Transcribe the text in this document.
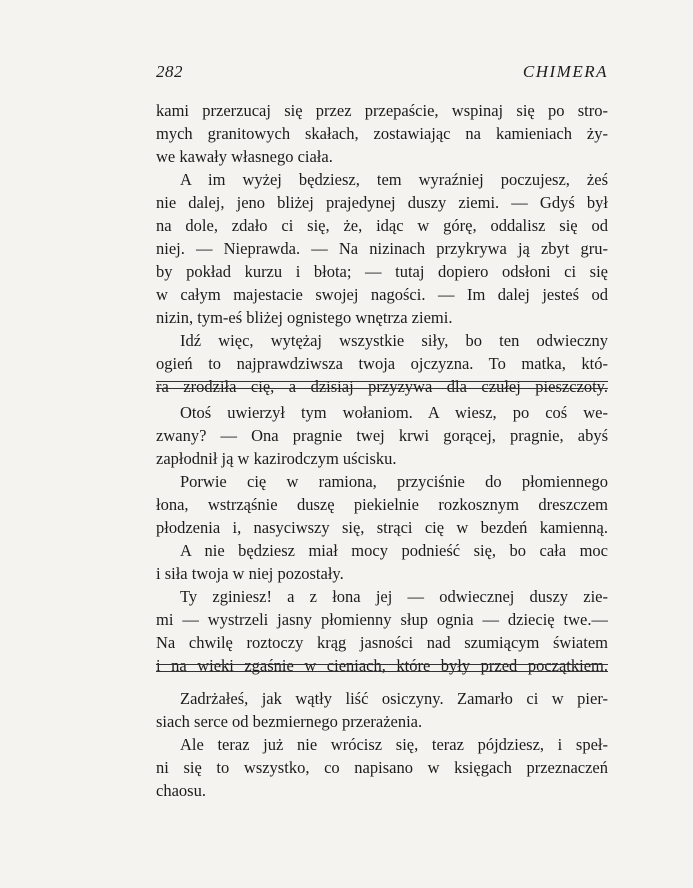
282	CHIMERA
kami przerzucaj się przez przepaście, wspinaj się po stro-
mych granitowych skałach, zostawiając na kamieniach ży-
we kawały własnego ciała.
A im wyżej będziesz, tem wyraźniej poczujesz, żeś
nie dalej, jeno bliżej prajedynej duszy ziemi. — Gdyś był
na dole, zdało ci się, że, idąc w górę, oddalisz się od
niej. — Nieprawda. — Na nizinach przykrywa ją zbyt gru-
by pokład kurzu i błota; — tutaj dopiero odsłoni ci się
w całym majestacie swojej nagości. — Im dalej jesteś od
nizin, tym-eś bliżej ognistego wnętrza ziemi.
Idź więc, wytężaj wszystkie siły, bo ten odwieczny
ogień to najprawdziwsza twoja ojczyzna. To matka, któ-
ra zrodziła cię, a dzisiaj przyzywa dla czułej pieszczoty.
Otoś uwierzył tym wołaniom. A wiesz, po coś we-
zwany? — Ona pragnie twej krwi gorącej, pragnie, abyś
zapłodnił ją w kazirodczym uścisku.
Porwie cię w ramiona, przyciśnie do płomiennego
łona, wstrząśnie duszę piekielnie rozkosznym dreszczem
płodzenia i, nasyciwszy się, strąci cię w bezdeń kamienną.
A nie będziesz miał mocy podnieść się, bo cała moc
i siła twoja w niej pozostały.
Ty zginiesz! a z łona jej — odwiecznej duszy zie-
mi — wystrzeli jasny płomienny słup ognia — dziecię twe.—
Na chwilę roztoczy krąg jasności nad szumiącym światem
i na wieki zgaśnie w cieniach, które były przed początkiem.
Zadrżałeś, jak wątły liść osiczyny. Zamarło ci w pier-
siach serce od bezmiernego przerażenia.
Ale teraz już nie wrócisz się, teraz pójdziesz, i speł-
ni się to wszystko, co napisano w księgach przeznaczeń
chaosu.
